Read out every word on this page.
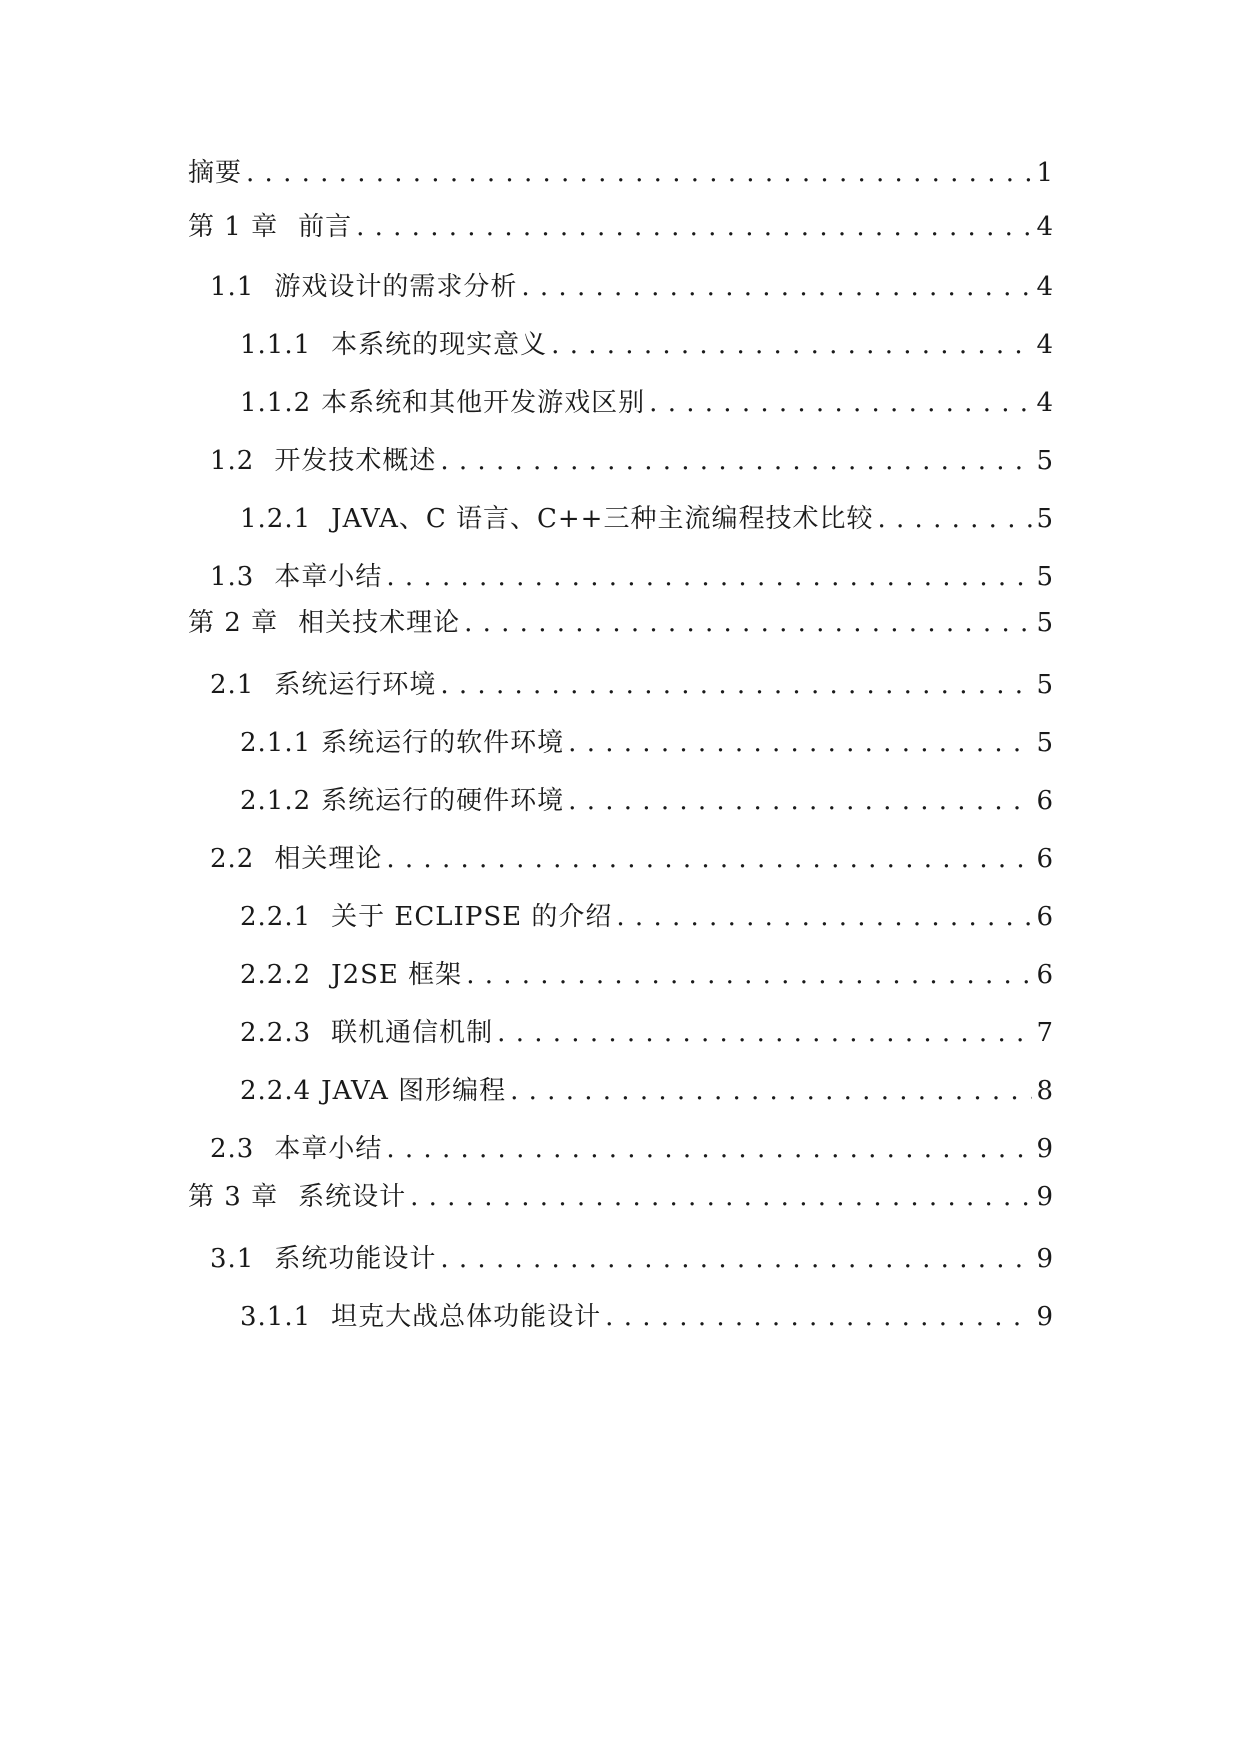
摘要 . . .	1
第 1 章 前言 . . .	4
1.1 游戏设计的需求分析 . . .	4
1.1.1 本系统的现实意义 . . .	4
1.1.2 本系统和其他开发游戏区别 . . .	4
1.2 开发技术概述 . . .	5
1.2.1 JAVA、C 语言、C++三种主流编程技术比较 . . .	5
1.3 本章小结 . . .	5
第 2 章 相关技术理论 . . .	5
2.1 系统运行环境 . . .	5
2.1.1 系统运行的软件环境 . . .	5
2.1.2 系统运行的硬件环境 . . .	6
2.2 相关理论 . . .	6
2.2.1 关于 ECLIPSE 的介绍 . . .	6
2.2.2 J2SE 框架 . . .	6
2.2.3 联机通信机制 . . .	7
2.2.4 JAVA 图形编程 . . .	8
2.3 本章小结 . . .	9
第 3 章 系统设计 . . .	9
3.1 系统功能设计 . . .	9
3.1.1 坦克大战总体功能设计 . . .	9
